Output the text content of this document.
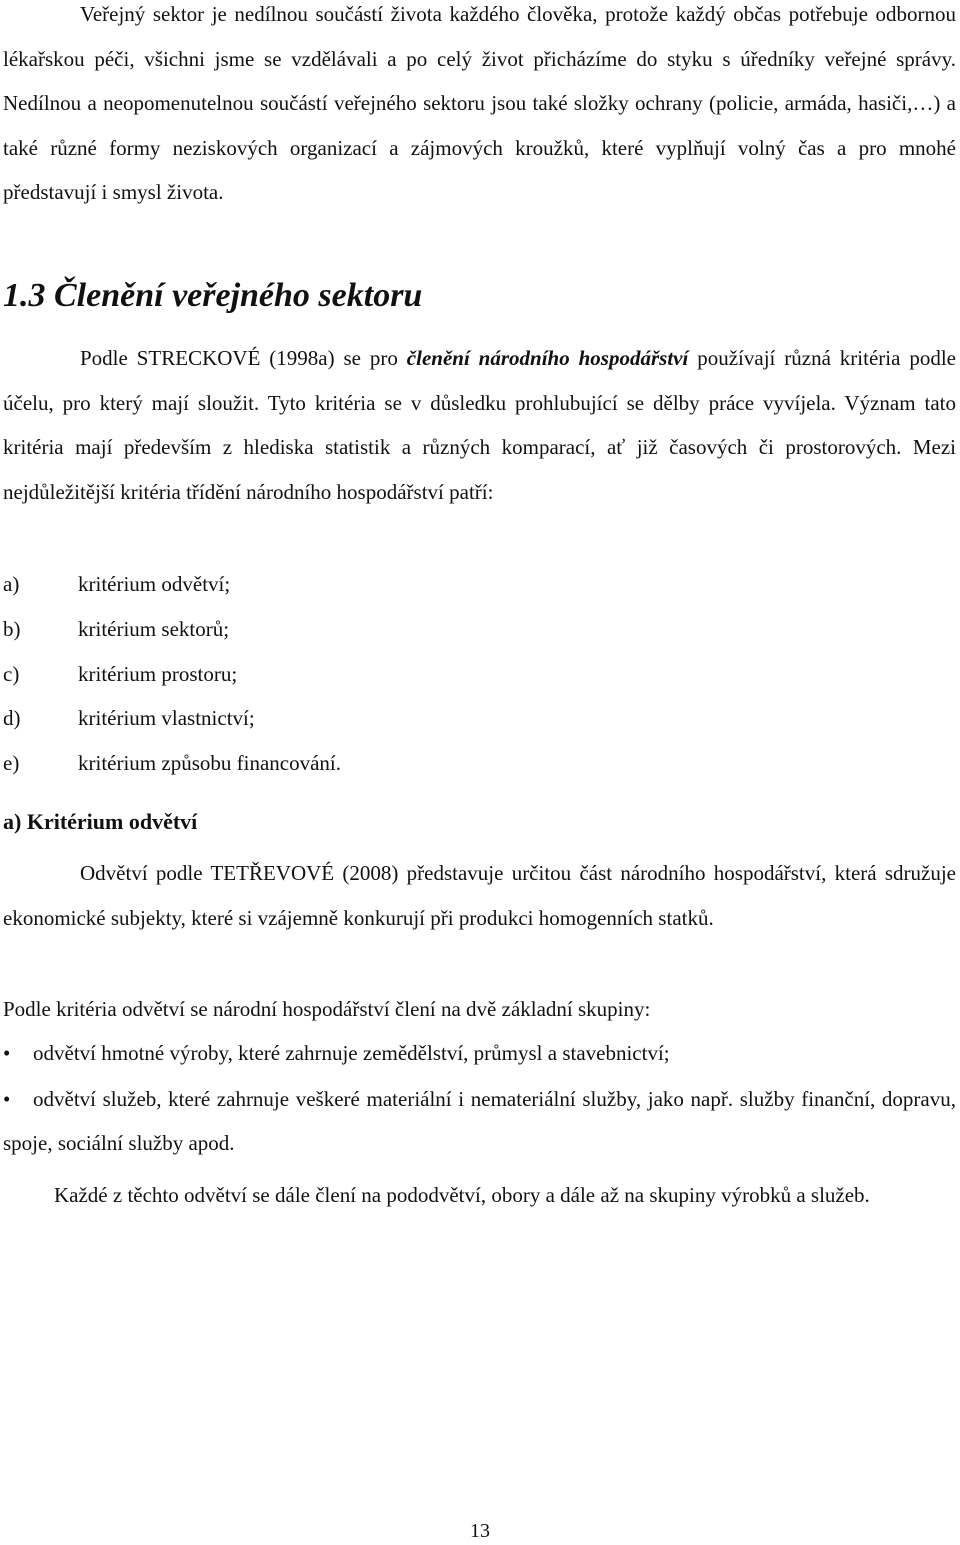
Veřejný sektor je nedílnou součástí života každého člověka, protože každý občas potřebuje odbornou lékařskou péči, všichni jsme se vzdělávali a po celý život přicházíme do styku s úředníky veřejné správy. Nedílnou a neopomenutelnou součástí veřejného sektoru jsou také složky ochrany (policie, armáda, hasiči,…) a také různé formy neziskových organizací a zájmových kroužků, které vyplňují volný čas a pro mnohé představují i smysl života.

1.3 Členění veřejného sektoru

Podle STRECKOVÉ (1998a) se pro členění národního hospodářství používají různá kritéria podle účelu, pro který mají sloužit. Tyto kritéria se v důsledku prohlubující se dělby práce vyvíjela. Význam tato kritéria mají především z hlediska statistik a různých komparací, ať již časových či prostorových. Mezi nejdůležitější kritéria třídění národního hospodářství patří:

a)	kritérium odvětví;
b)	kritérium sektorů;
c)	kritérium prostoru;
d)	kritérium vlastnictví;
e)	kritérium způsobu financování.
a) Kritérium odvětví

Odvětví podle TETŘEVOVÉ (2008) představuje určitou část národního hospodářství, která sdružuje ekonomické subjekty, které si vzájemně konkurují při produkci homogenních statků.

Podle kritéria odvětví se národní hospodářství člení na dvě základní skupiny:

• odvětví hmotné výroby, které zahrnuje zemědělství, průmysl a stavebnictví;
• odvětví služeb, které zahrnuje veškeré materiální i nemateriální služby, jako např. služby finanční, dopravu, spoje, sociální služby apod.

Každé z těchto odvětví se dále člení na pododvětví, obory a dále až na skupiny výrobků a služeb.

13
